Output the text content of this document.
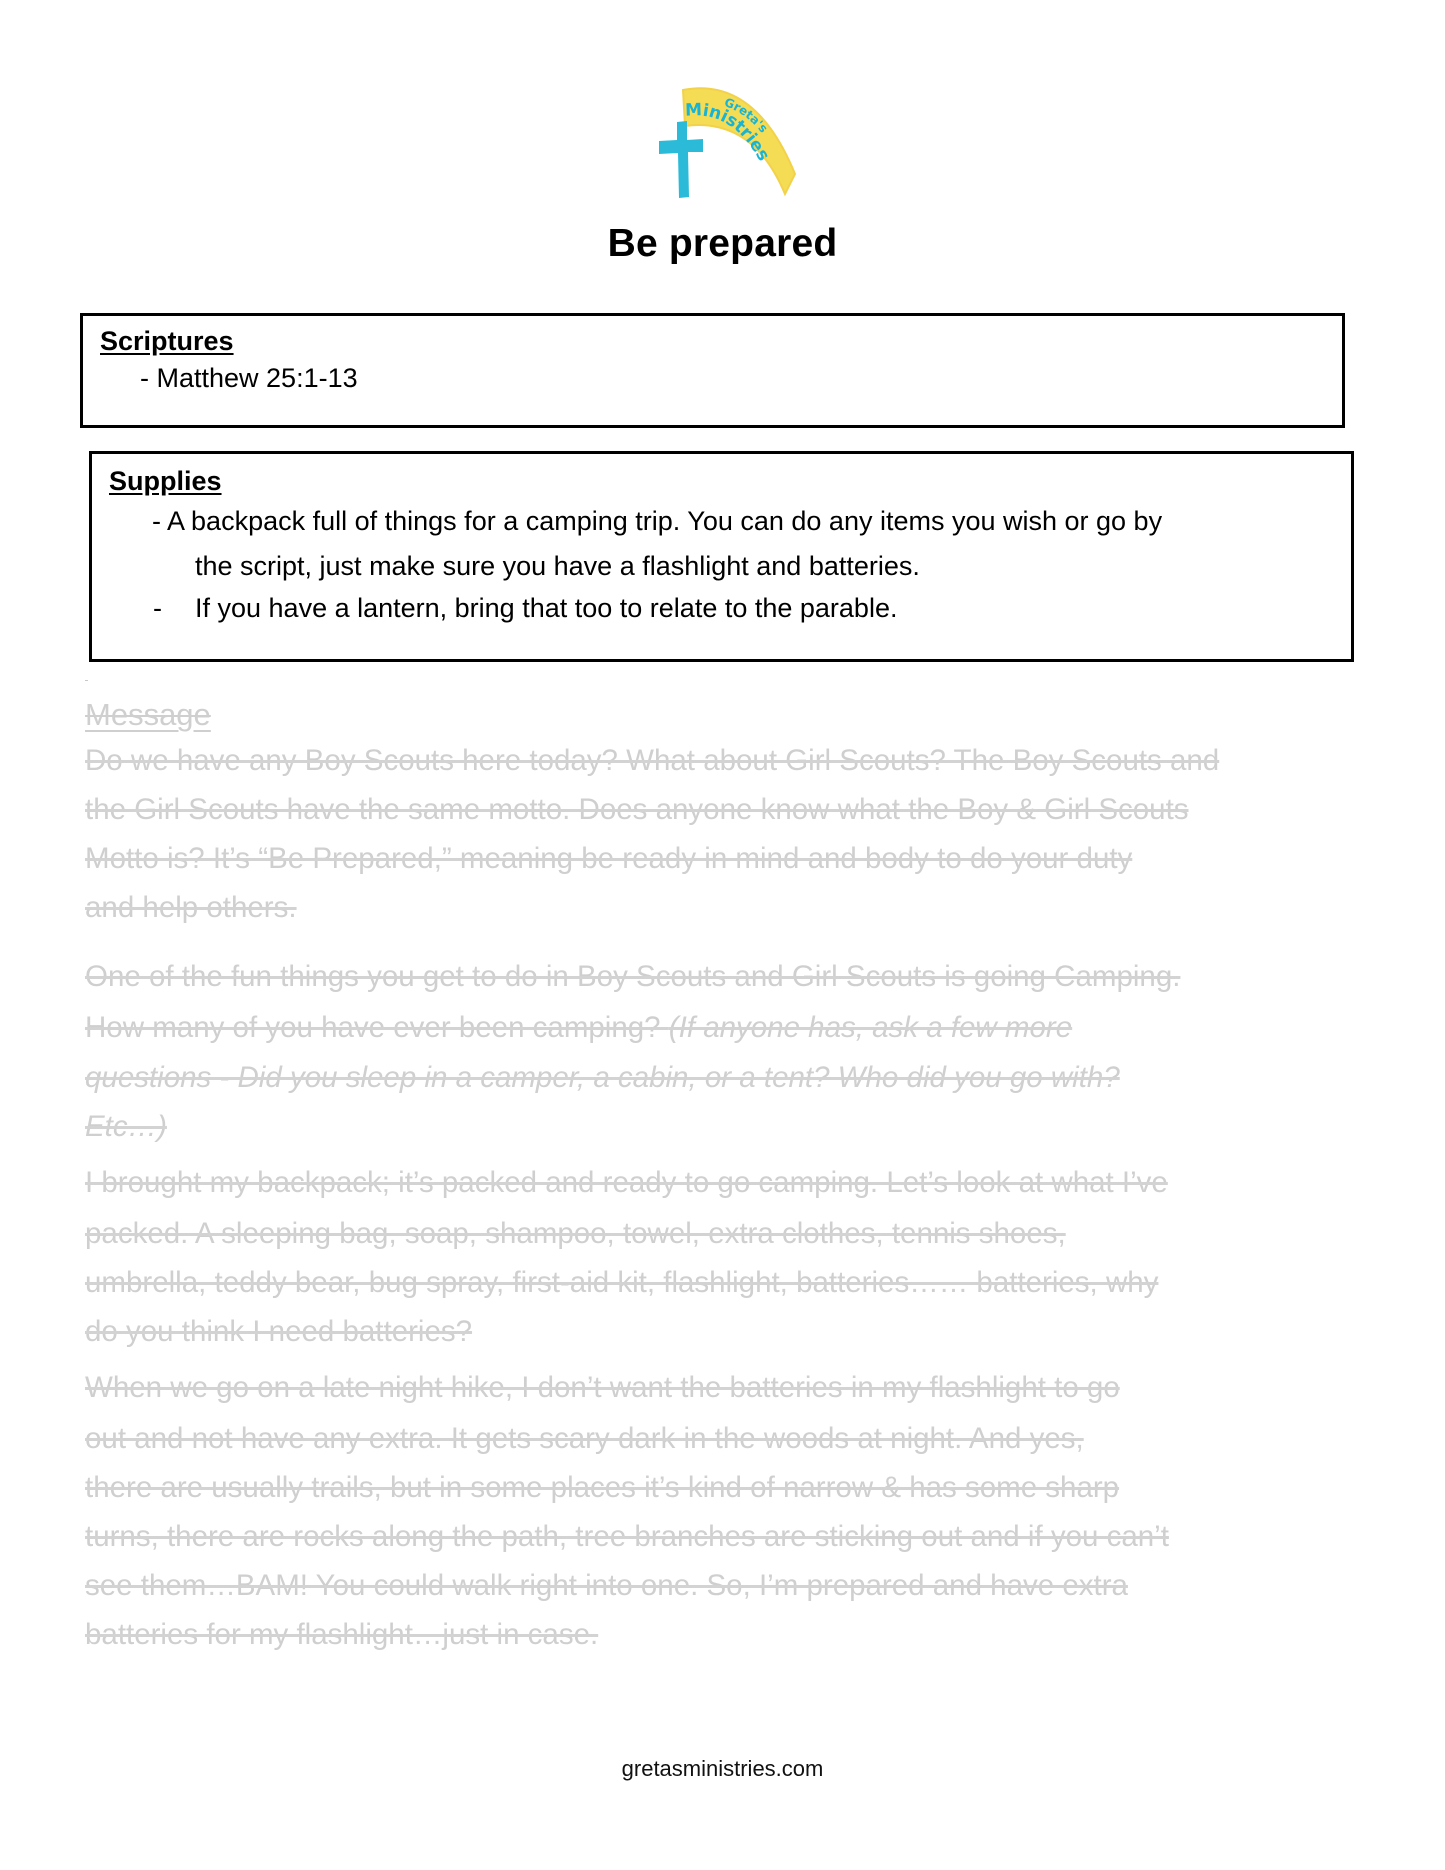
Greta's
Ministries
Be prepared
Scriptures
- Matthew 25:1-13
Supplies
- A backpack full of things for a camping trip. You can do any items you wish or go by
the script, just make sure you have a flashlight and batteries.
- If you have a lantern, bring that too to relate to the parable.
Message
Do we have any Boy Scouts here today? What about Girl Scouts? The Boy Scouts and
the Girl Scouts have the same motto. Does anyone know what the Boy & Girl Scouts
Motto is? It’s “Be Prepared,” meaning be ready in mind and body to do your duty
and help others.
One of the fun things you get to do in Boy Scouts and Girl Scouts is going Camping.
How many of you have ever been camping? (If anyone has, ask a few more
questions - Did you sleep in a camper, a cabin, or a tent? Who did you go with?
Etc…)
I brought my backpack; it’s packed and ready to go camping. Let’s look at what I’ve
packed. A sleeping bag, soap, shampoo, towel, extra clothes, tennis shoes,
umbrella, teddy bear, bug spray, first-aid kit, flashlight, batteries…… batteries, why
do you think I need batteries?
When we go on a late night hike, I don’t want the batteries in my flashlight to go
out and not have any extra. It gets scary dark in the woods at night. And yes,
there are usually trails, but in some places it’s kind of narrow & has some sharp
turns, there are rocks along the path, tree branches are sticking out and if you can’t
see them…BAM! You could walk right into one. So, I’m prepared and have extra
batteries for my flashlight…just in case.
gretasministries.com
